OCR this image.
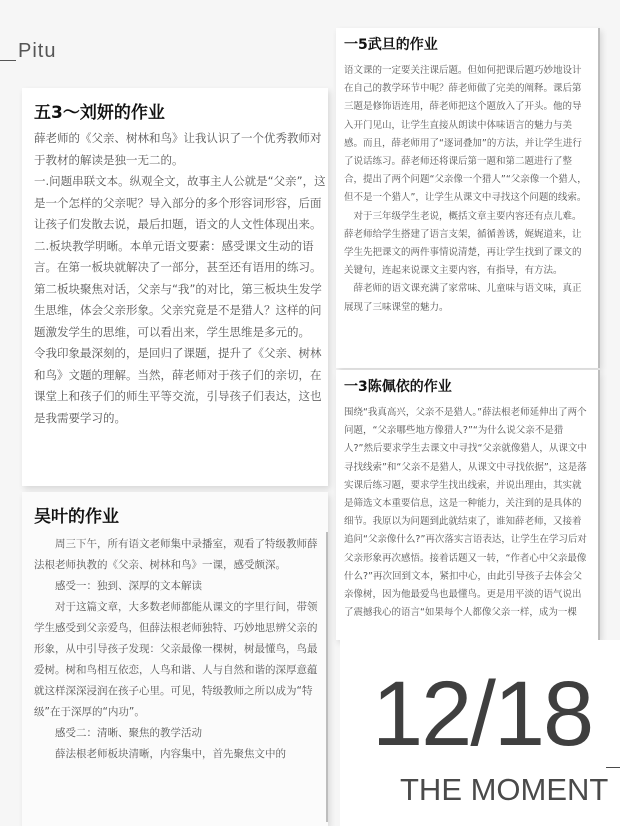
Pitu
五3〜刘妍的作业

薛老师的《父亲、树林和鸟》让我认识了一个优秀教师对于教材的解读是独一无二的。

一.问题串联文本。纵观全文，故事主人公就是“父亲”，这是一个怎样的父亲呢？导入部分的多个形容词形容，后面让孩子们发散去说，最后扣题，语文的人文性体现出来。

二.板块教学明晰。本单元语文要素：感受课文生动的语言。在第一板块就解决了一部分，甚至还有语用的练习。第二板块聚焦对话，父亲与“我”的对比，第三板块生发学生思维，体会父亲形象。父亲究竟是不是猎人？这样的问题激发学生的思维，可以看出来，学生思维是多元的。

令我印象最深刻的，是回归了课题，提升了《父亲、树林和鸟》文题的理解。当然，薛老师对于孩子们的亲切，在课堂上和孩子们的师生平等交流，引导孩子们表达，这也是我需要学习的。

吴叶的作业

周三下午，所有语文老师集中录播室，观看了特级教师薛法根老师执教的《父亲、树林和鸟》一课，感受颇深。

感受一：独到、深厚的文本解读

对于这篇文章，大多数老师都能从课文的字里行间，带领学生感受到父亲爱鸟，但薛法根老师独特、巧妙地思辨父亲的形象，从中引导孩子发现：父亲最像一棵树，树最懂鸟，鸟最爱树。树和鸟相互依恋，人鸟和谐、人与自然和谐的深厚意蕴就这样深深浸润在孩子心里。可见，特级教师之所以成为“特级”在于深厚的“内功”。

感受二：清晰、聚焦的教学活动

薛法根老师板块清晰，内容集中，首先聚焦文中的

一5武旦的作业

语文课的一定要关注课后题。但如何把课后题巧妙地设计在自己的教学环节中呢？薛老师做了完美的阐释。课后第三题是修饰语连用，薛老师把这个题放入了开头。他的导入开门见山，让学生直接从朗读中体味语言的魅力与美感。而且，薛老师用了“逐词叠加”的方法，并让学生进行了说话练习。薛老师还将课后第一题和第二题进行了整合，提出了两个问题“父亲像一个猎人”“父亲像一个猎人，但不是一个猎人”，让学生从课文中寻找这个问题的线索。

对于三年级学生老说，概括文章主要内容还有点儿难。薛老师给学生搭建了语言支架，循循善诱，娓娓道来，让学生先把课文的两件事情说清楚，再让学生找到了课文的关键句，连起来说课文主要内容，有指导，有方法。

薛老师的语文课充满了家常味、儿童味与语文味，真正展现了三味课堂的魅力。

一3陈佩依的作业

围绕“我真高兴，父亲不是猎人。”薛法根老师延伸出了两个问题，“父亲哪些地方像猎人?”“为什么说父亲不是猎人?”然后要求学生去课文中寻找“父亲就像猎人，从课文中寻找线索”和“父亲不是猎人，从课文中寻找依据”，这是落实课后练习题，要求学生找出线索，并说出理由，其实就是筛选文本重要信息，这是一种能力，关注到的是具体的细节。我原以为问题到此就结束了，谁知薛老师，又接着追问“父亲像什么?”再次落实言语表达，让学生在学习后对父亲形象再次感悟。接着话题又一转，“作者心中父亲最像什么?”再次回到文本，紧扣中心，由此引导孩子去体会父亲像树，因为他最爱鸟也最懂鸟。更是用平淡的语气说出了震撼我心的语言“如果每个人都像父亲一样，成为一棵

12/18
THE MOMENT
